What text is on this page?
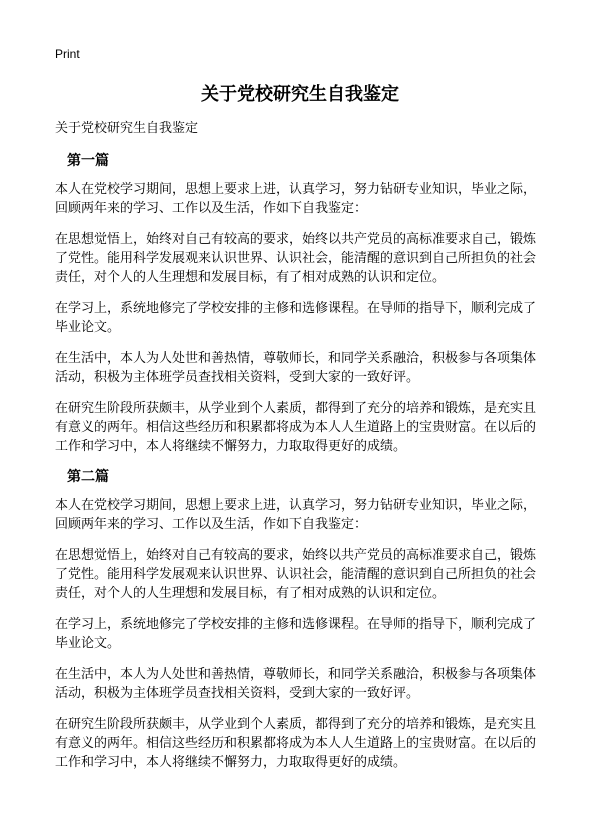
Print
关于党校研究生自我鉴定

关于党校研究生自我鉴定

第一篇

本人在党校学习期间，思想上要求上进，认真学习，努力钻研专业知识，毕业之际，回顾两年来的学习、工作以及生活，作如下自我鉴定：

在思想觉悟上，始终对自己有较高的要求，始终以共产党员的高标准要求自己，锻炼了党性。能用科学发展观来认识世界、认识社会，能清醒的意识到自己所担负的社会责任，对个人的人生理想和发展目标，有了相对成熟的认识和定位。

在学习上，系统地修完了学校安排的主修和选修课程。在导师的指导下，顺利完成了毕业论文。

在生活中，本人为人处世和善热情，尊敬师长，和同学关系融洽，积极参与各项集体活动，积极为主体班学员查找相关资料，受到大家的一致好评。

在研究生阶段所获颇丰，从学业到个人素质，都得到了充分的培养和锻炼，是充实且有意义的两年。相信这些经历和积累都将成为本人人生道路上的宝贵财富。在以后的工作和学习中，本人将继续不懈努力，力取取得更好的成绩。

第二篇

本人在党校学习期间，思想上要求上进，认真学习，努力钻研专业知识，毕业之际，回顾两年来的学习、工作以及生活，作如下自我鉴定：

在思想觉悟上，始终对自己有较高的要求，始终以共产党员的高标准要求自己，锻炼了党性。能用科学发展观来认识世界、认识社会，能清醒的意识到自己所担负的社会责任，对个人的人生理想和发展目标，有了相对成熟的认识和定位。

在学习上，系统地修完了学校安排的主修和选修课程。在导师的指导下，顺利完成了毕业论文。

在生活中，本人为人处世和善热情，尊敬师长，和同学关系融洽，积极参与各项集体活动，积极为主体班学员查找相关资料，受到大家的一致好评。

在研究生阶段所获颇丰，从学业到个人素质，都得到了充分的培养和锻炼，是充实且有意义的两年。相信这些经历和积累都将成为本人人生道路上的宝贵财富。在以后的工作和学习中，本人将继续不懈努力，力取取得更好的成绩。
